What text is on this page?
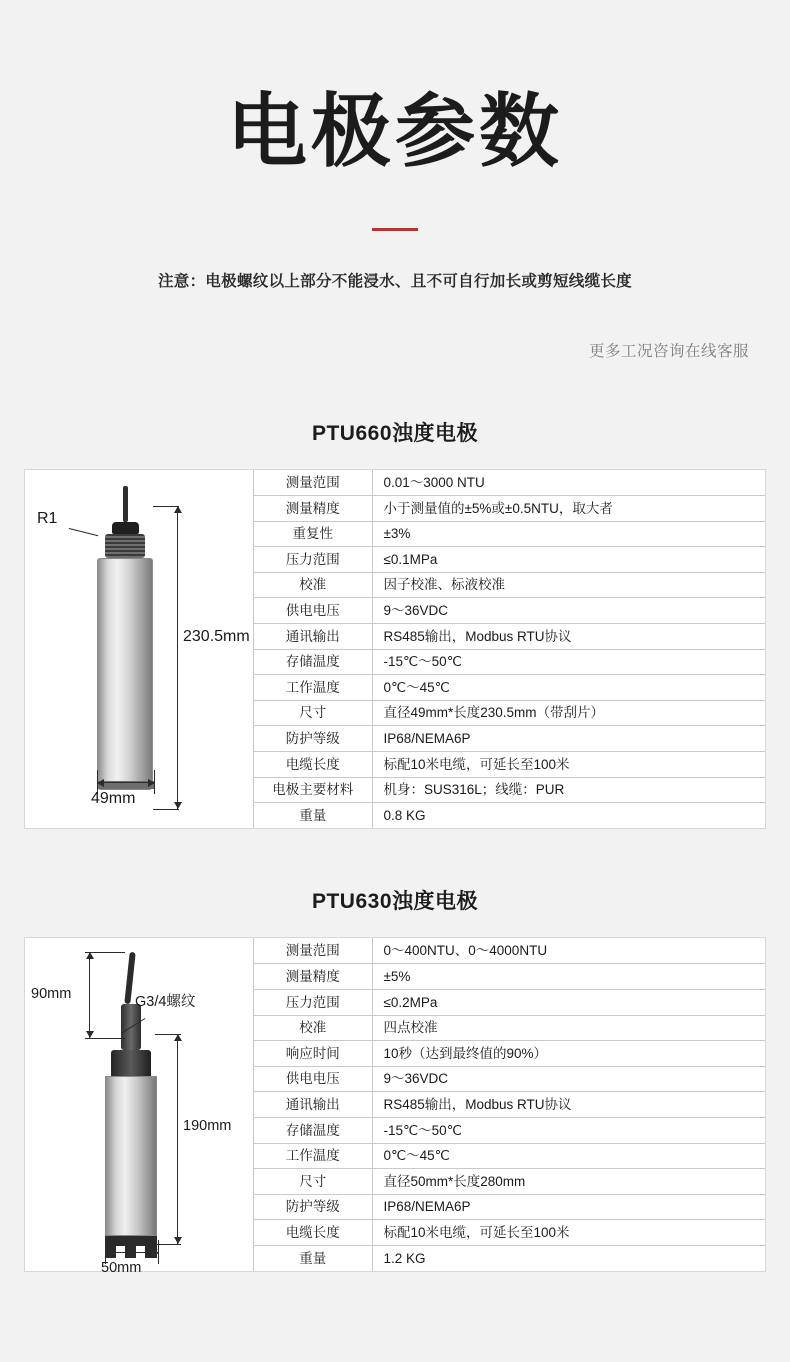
电极参数
注意：电极螺纹以上部分不能浸水、且不可自行加长或剪短线缆长度
更多工况咨询在线客服
PTU660浊度电极
R1
230.5mm
49mm
测量范围	0.01～3000 NTU
测量精度	小于测量值的±5%或±0.5NTU，取大者
重复性	±3%
压力范围	≤0.1MPa
校准	因子校准、标液校准
供电电压	9～36VDC
通讯输出	RS485输出，Modbus RTU协议
存储温度	-15℃～50℃
工作温度	0℃～45℃
尺寸	直径49mm*长度230.5mm（带刮片）
防护等级	IP68/NEMA6P
电缆长度	标配10米电缆，可延长至100米
电极主要材料	机身：SUS316L；线缆：PUR
重量	0.8 KG
PTU630浊度电极
G3/4螺纹
90mm
190mm
50mm
测量范围	0～400NTU、0～4000NTU
测量精度	±5%
压力范围	≤0.2MPa
校准	四点校准
响应时间	10秒（达到最终值的90%）
供电电压	9～36VDC
通讯输出	RS485输出，Modbus RTU协议
存储温度	-15℃～50℃
工作温度	0℃～45℃
尺寸	直径50mm*长度280mm
防护等级	IP68/NEMA6P
电缆长度	标配10米电缆，可延长至100米
重量	1.2 KG
